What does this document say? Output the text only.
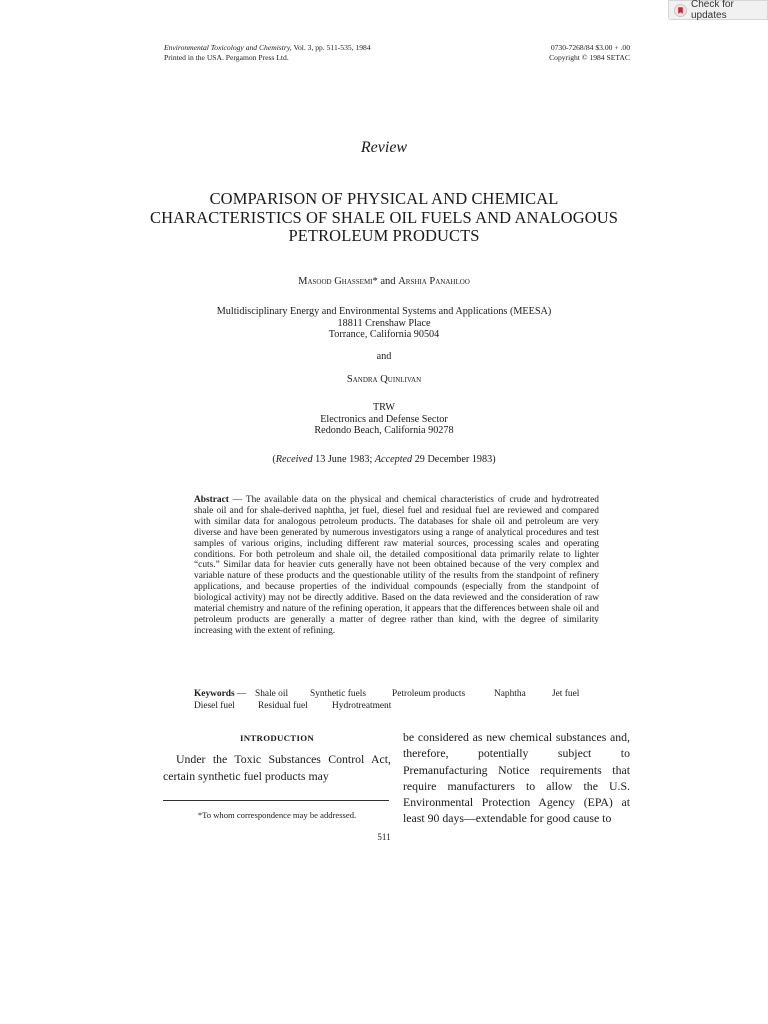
Check for updates
Environmental Toxicology and Chemistry, Vol. 3, pp. 511-535, 1984
Printed in the USA. Pergamon Press Ltd.
0730-7268/84 $3.00 + .00
Copyright © 1984 SETAC
Review
COMPARISON OF PHYSICAL AND CHEMICAL
CHARACTERISTICS OF SHALE OIL FUELS AND ANALOGOUS
PETROLEUM PRODUCTS
Masood Ghassemi* and Arshia Panahloo
Multidisciplinary Energy and Environmental Systems and Applications (MEESA)
18811 Crenshaw Place
Torrance, California 90504
and
Sandra Quinlivan
TRW
Electronics and Defense Sector
Redondo Beach, California 90278
(Received 13 June 1983; Accepted 29 December 1983)
Abstract — The available data on the physical and chemical characteristics of crude and hydrotreated shale oil and for shale-derived naphtha, jet fuel, diesel fuel and residual fuel are reviewed and compared with similar data for analogous petroleum products. The databases for shale oil and petroleum are very diverse and have been generated by numerous investigators using a range of analytical procedures and test samples of various origins, including different raw material sources, processing scales and operating conditions. For both petroleum and shale oil, the detailed compositional data primarily relate to lighter “cuts.” Similar data for heavier cuts generally have not been obtained because of the very complex and variable nature of these products and the questionable utility of the results from the standpoint of refinery applications, and because properties of the individual compounds (especially from the standpoint of biological activity) may not be directly additive. Based on the data reviewed and the consideration of raw material chemistry and nature of the refining operation, it appears that the differences between shale oil and petroleum products are generally a matter of degree rather than kind, with the degree of similarity increasing with the extent of refining.
Keywords — Shale oil	Synthetic fuels	Petroleum products	Naphtha	Jet fuel
Diesel fuel	Residual fuel	Hydrotreatment
INTRODUCTION
Under the Toxic Substances Control Act, certain synthetic fuel products may
*To whom correspondence may be addressed.
be considered as new chemical substances and, therefore, potentially subject to Premanufacturing Notice requirements that require manufacturers to allow the U.S. Environmental Protection Agency (EPA) at least 90 days—extendable for good cause to
511
